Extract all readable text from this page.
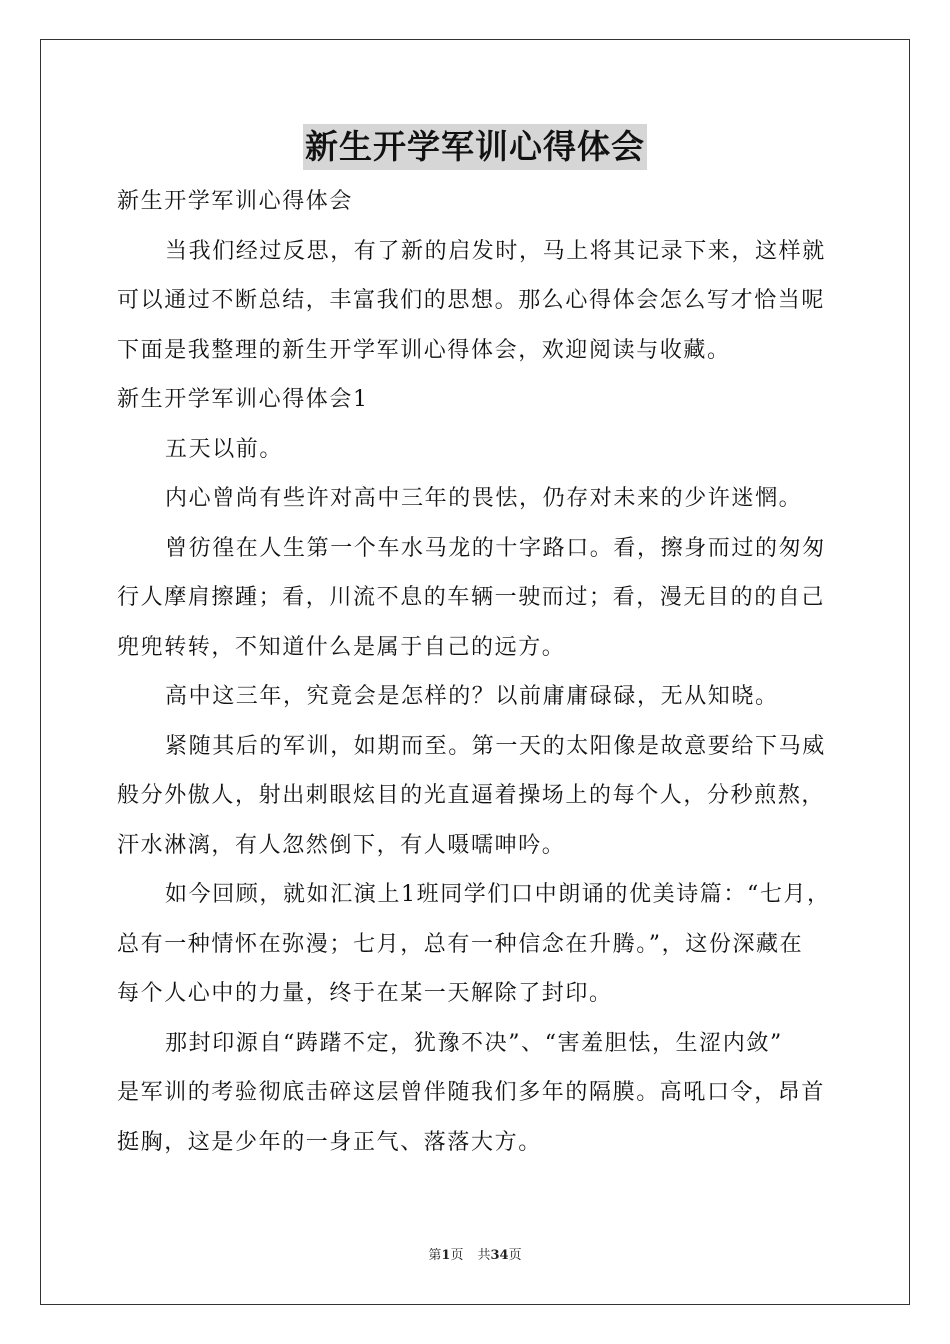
新生开学军训心得体会
新生开学军训心得体会
当我们经过反思，有了新的启发时，马上将其记录下来，这样就
可以通过不断总结，丰富我们的思想。那么心得体会怎么写才恰当呢
下面是我整理的新生开学军训心得体会，欢迎阅读与收藏。
新生开学军训心得体会1
五天以前。
内心曾尚有些许对高中三年的畏怯，仍存对未来的少许迷惘。
曾彷徨在人生第一个车水马龙的十字路口。看，擦身而过的匆匆
行人摩肩擦踵；看，川流不息的车辆一驶而过；看，漫无目的的自己
兜兜转转，不知道什么是属于自己的远方。
高中这三年，究竟会是怎样的？以前庸庸碌碌，无从知晓。
紧随其后的军训，如期而至。第一天的太阳像是故意要给下马威
般分外傲人，射出刺眼炫目的光直逼着操场上的每个人，分秒煎熬，
汗水淋漓，有人忽然倒下，有人嗫嚅呻吟。
如今回顾，就如汇演上1班同学们口中朗诵的优美诗篇：“七月，
总有一种情怀在弥漫；七月，总有一种信念在升腾。”，这份深藏在
每个人心中的力量，终于在某一天解除了封印。
那封印源自“踌躇不定，犹豫不决”、“害羞胆怯，生涩内敛”
是军训的考验彻底击碎这层曾伴随我们多年的隔膜。高吼口令，昂首
挺胸，这是少年的一身正气、落落大方。
第1页 共34页
